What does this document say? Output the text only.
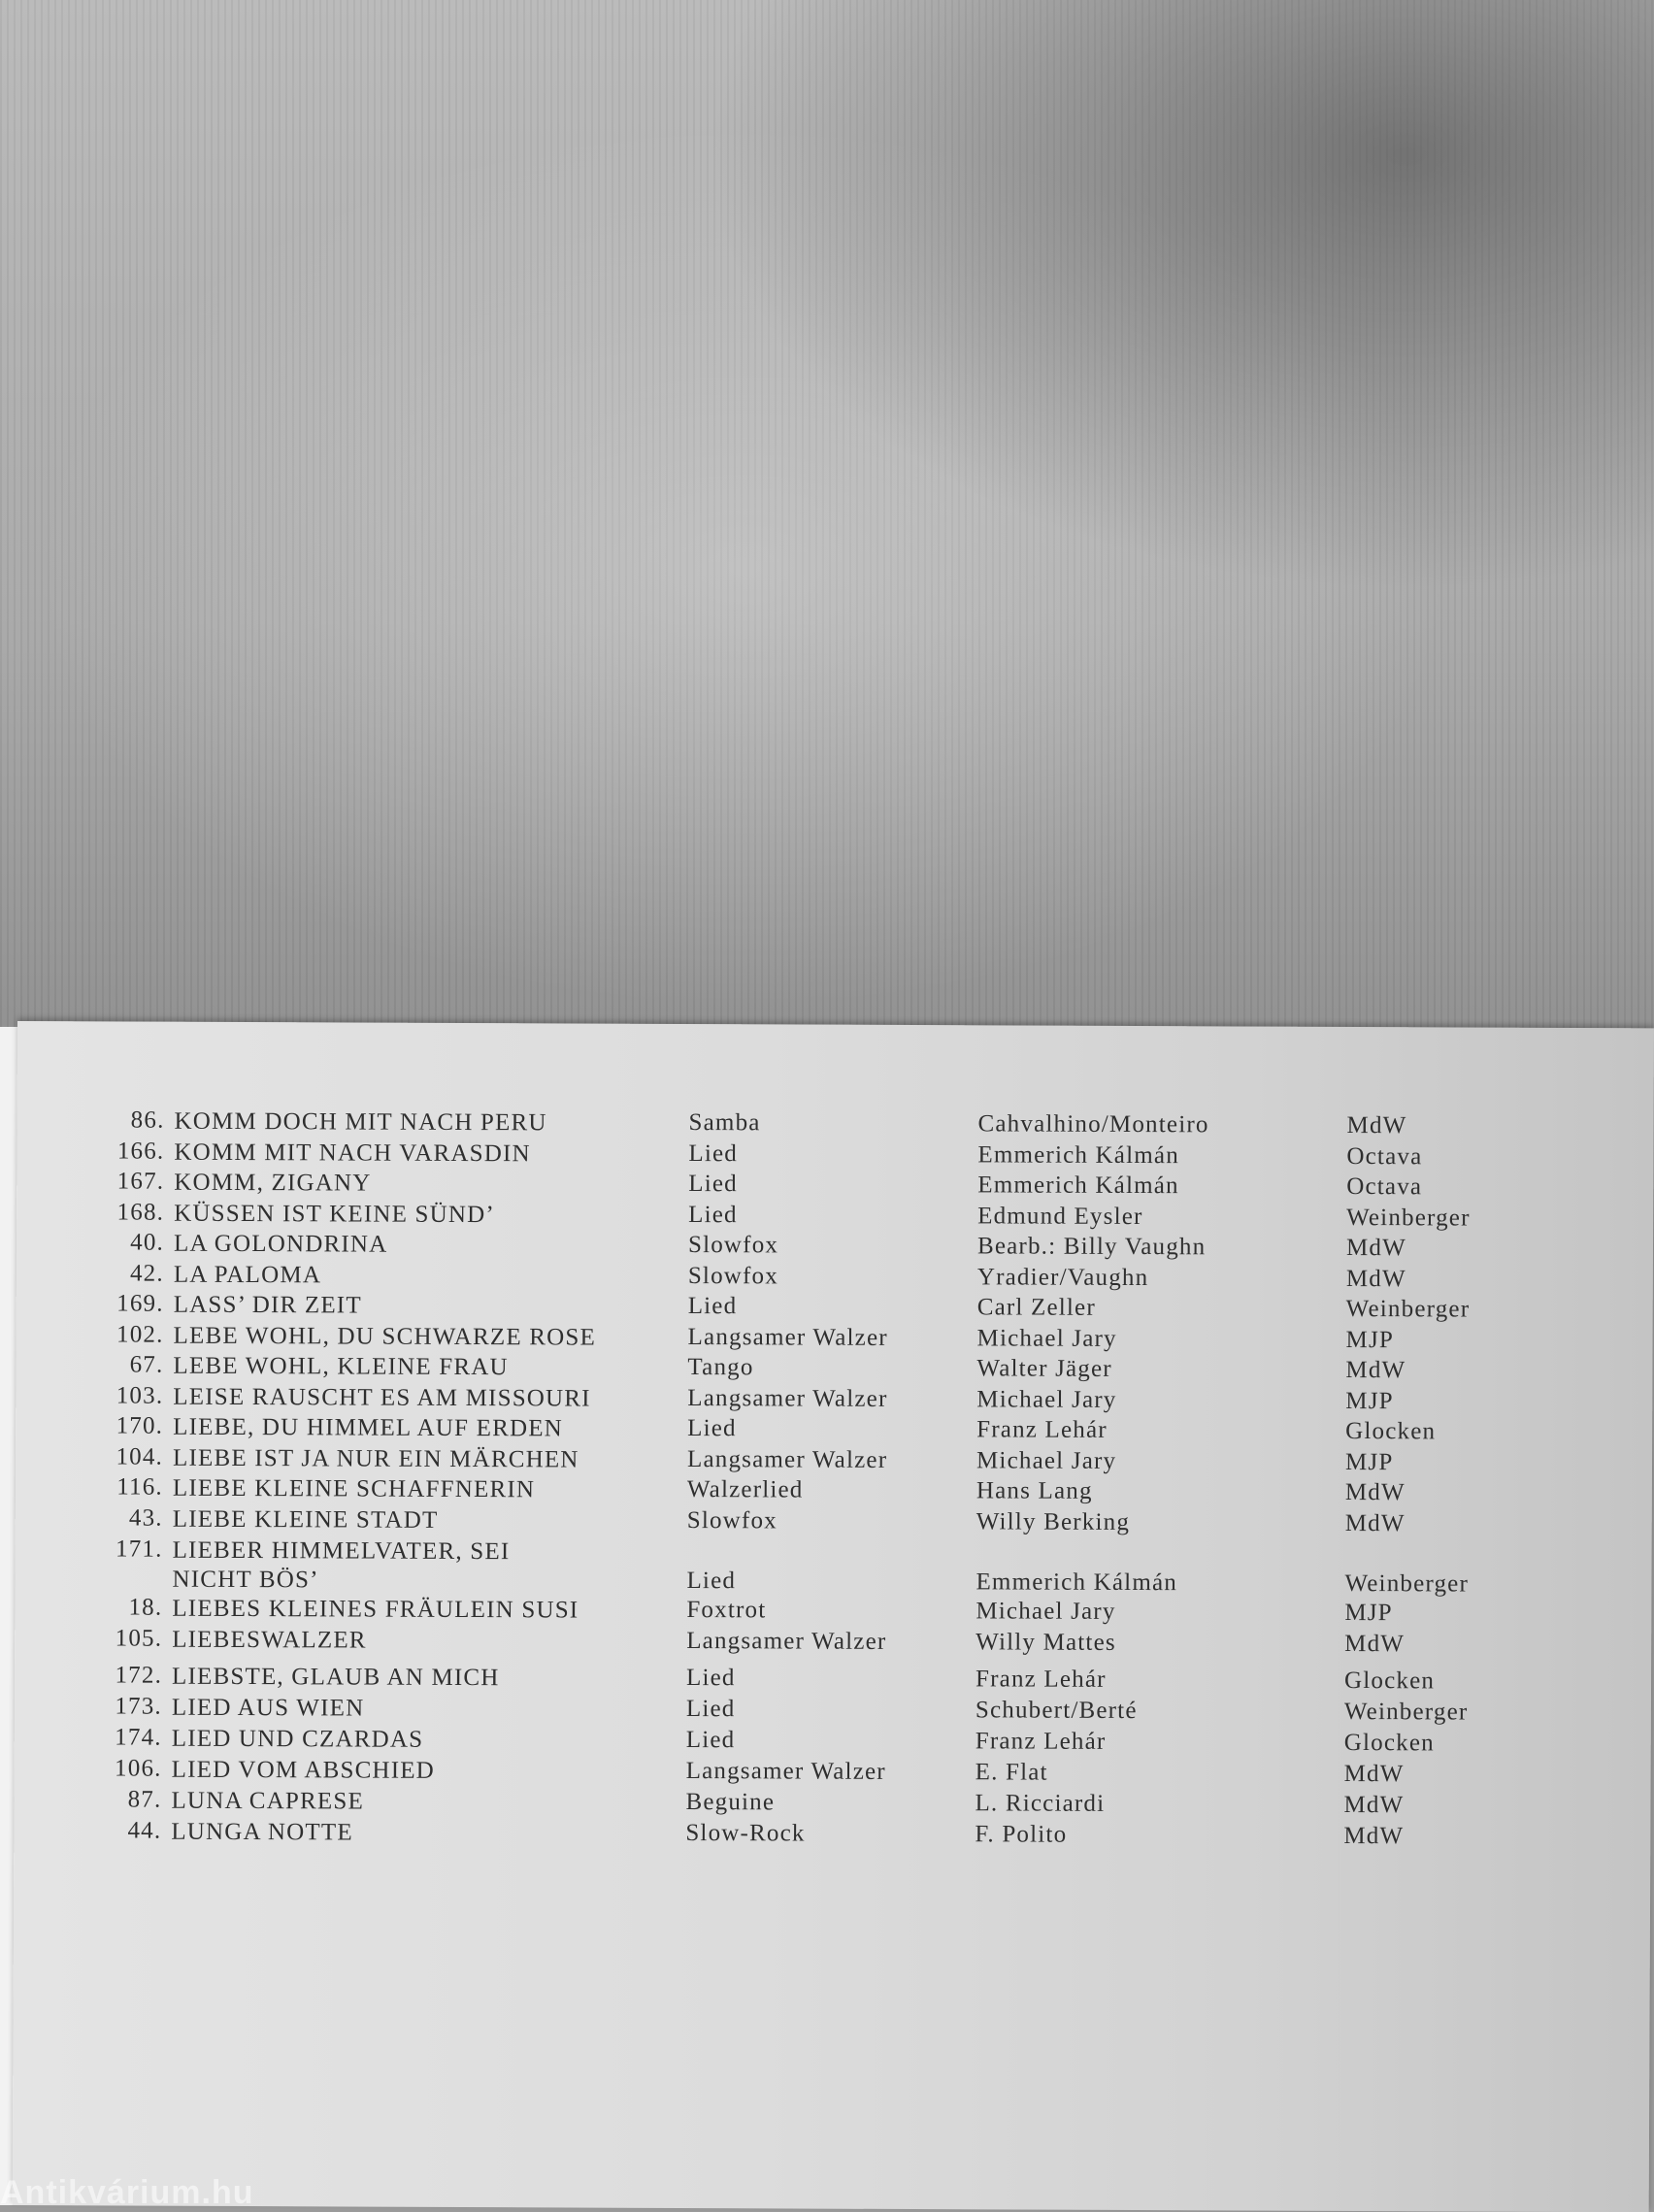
86. KOMM DOCH MIT NACH PERU	Samba	Cahvalhino/Monteiro	MdW
166. KOMM MIT NACH VARASDIN	Lied	Emmerich Kálmán	Octava
167. KOMM, ZIGANY	Lied	Emmerich Kálmán	Octava
168. KÜSSEN IST KEINE SÜND’	Lied	Edmund Eysler	Weinberger
40. LA GOLONDRINA	Slowfox	Bearb.: Billy Vaughn	MdW
42. LA PALOMA	Slowfox	Yradier/Vaughn	MdW
169. LASS’ DIR ZEIT	Lied	Carl Zeller	Weinberger
102. LEBE WOHL, DU SCHWARZE ROSE	Langsamer Walzer	Michael Jary	MJP
67. LEBE WOHL, KLEINE FRAU	Tango	Walter Jäger	MdW
103. LEISE RAUSCHT ES AM MISSOURI	Langsamer Walzer	Michael Jary	MJP
170. LIEBE, DU HIMMEL AUF ERDEN	Lied	Franz Lehár	Glocken
104. LIEBE IST JA NUR EIN MÄRCHEN	Langsamer Walzer	Michael Jary	MJP
116. LIEBE KLEINE SCHAFFNERIN	Walzerlied	Hans Lang	MdW
43. LIEBE KLEINE STADT	Slowfox	Willy Berking	MdW
171. LIEBER HIMMELVATER, SEI
NICHT BÖS’	Lied	Emmerich Kálmán	Weinberger
18. LIEBES KLEINES FRÄULEIN SUSI	Foxtrot	Michael Jary	MJP
105. LIEBESWALZER	Langsamer Walzer	Willy Mattes	MdW
172. LIEBSTE, GLAUB AN MICH	Lied	Franz Lehár	Glocken
173. LIED AUS WIEN	Lied	Schubert/Berté	Weinberger
174. LIED UND CZARDAS	Lied	Franz Lehár	Glocken
106. LIED VOM ABSCHIED	Langsamer Walzer	E. Flat	MdW
87. LUNA CAPRESE	Beguine	L. Ricciardi	MdW
44. LUNGA NOTTE	Slow-Rock	F. Polito	MdW
Antikvárium.hu
